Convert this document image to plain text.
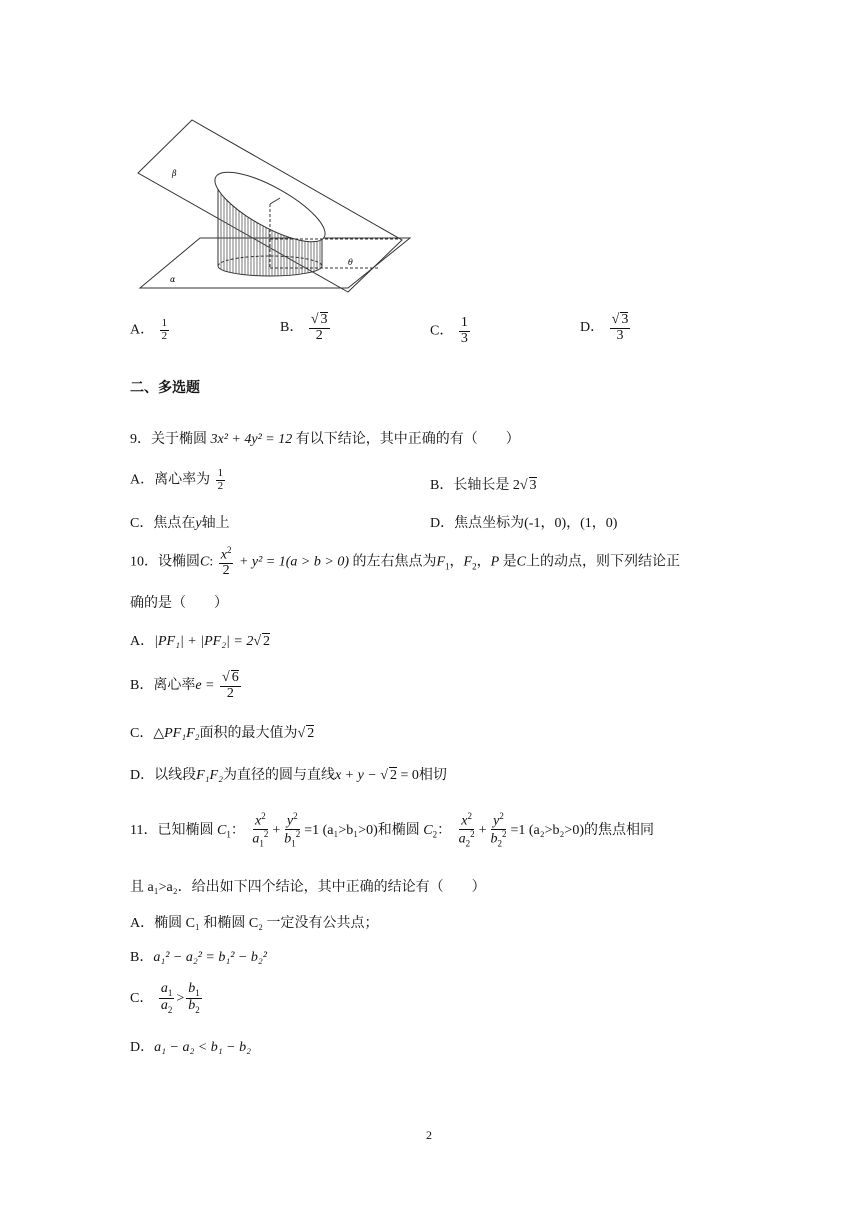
β
α
θ
A． $\frac{1}{2}$	B． $\frac{√ 3}{2}$	C． $\frac{1}{3}$	D． $\frac{√ 3}{3}$
二、多选题
9．关于椭圆 3x² + 4y² = 12 有以下结论，其中正确的有（　　）
A．离心率为 $\frac{1}{2}$	B．长轴长是 2√ 3
C．焦点在y轴上	D．焦点坐标为(-1，0)，(1，0)
10．设椭圆C: $\frac{x^2}{2} + y^2 = 1(a > b > 0)$ 的左右焦点为$F_1$，$F_2$，P 是C上的动点，则下列结论正
确的是（　　）
A．|PF₁| + |PF₂| = 2√ 2
B．离心率$e = \frac{√ 6}{2}$
C．△PF₁F₂面积的最大值为√ 2
D．以线段F₁F₂为直径的圆与直线x + y − √ 2 = 0相切
11．已知椭圆 $C_1$： $\frac{x^2}{a_1^2} + \frac{y^2}{b_1^2} =1$ (a₁>b₁>0)和椭圆 $C_2$： $\frac{x^2}{a_2^2} + \frac{y^2}{b_2^2} =1$ (a₂>b₂>0)的焦点相同
且 a₁>a₂．给出如下四个结论，其中正确的结论有（　　）
A．椭圆 C₁ 和椭圆 C₂ 一定没有公共点；
B．a₁² − a₂² = b₁² − b₂²
C． $\frac{a_1}{a_2} > \frac{b_1}{b_2}$
D．a₁ − a₂ < b₁ − b₂
2
